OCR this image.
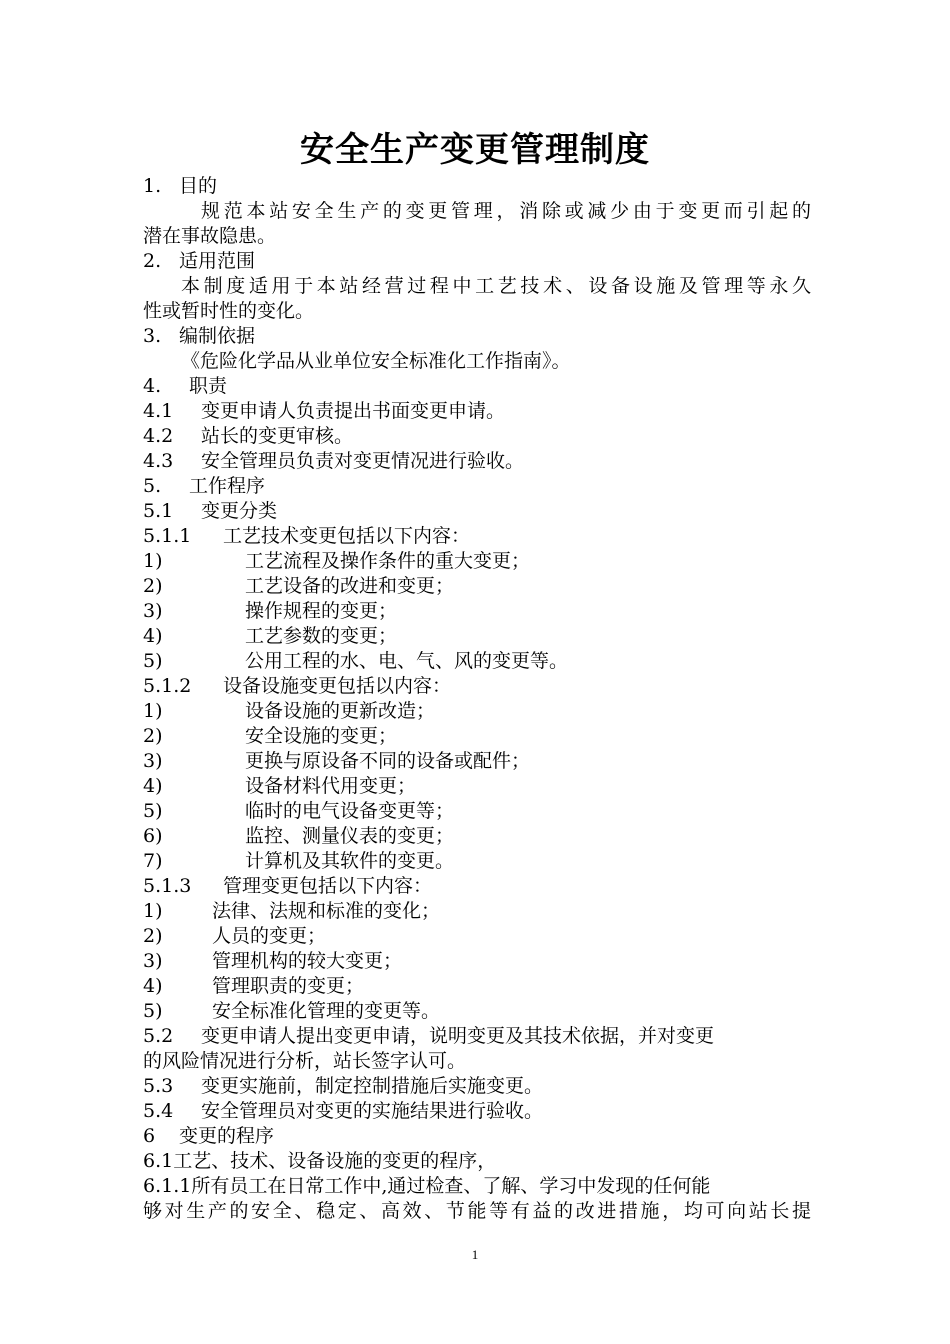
安全生产变更管理制度
1. 目的
规范本站安全生产的变更管理，消除或减少由于变更而引起的
潜在事故隐患。
2. 适用范围
本制度适用于本站经营过程中工艺技术、设备设施及管理等永久
性或暂时性的变化。
3. 编制依据
《危险化学品从业单位安全标准化工作指南》。
4. 职责
4.1 变更申请人负责提出书面变更申请。
4.2 站长的变更审核。
4.3 安全管理员负责对变更情况进行验收。
5. 工作程序
5.1 变更分类
5.1.1 工艺技术变更包括以下内容：
1)	工艺流程及操作条件的重大变更；
2)	工艺设备的改进和变更；
3)	操作规程的变更；
4)	工艺参数的变更；
5)	公用工程的水、电、气、风的变更等。
5.1.2 设备设施变更包括以内容：
1)	设备设施的更新改造；
2)	安全设施的变更；
3)	更换与原设备不同的设备或配件；
4)	设备材料代用变更；
5)	临时的电气设备变更等；
6)	监控、测量仪表的变更；
7)	计算机及其软件的变更。
5.1.3 管理变更包括以下内容：
1)	法律、法规和标准的变化；
2)	人员的变更；
3)	管理机构的较大变更；
4)	管理职责的变更；
5)	安全标准化管理的变更等。
5.2 变更申请人提出变更申请，说明变更及其技术依据，并对变更
的风险情况进行分析，站长签字认可。
5.3 变更实施前，制定控制措施后实施变更。
5.4 安全管理员对变更的实施结果进行验收。
6 变更的程序
6.1工艺、技术、设备设施的变更的程序，
6.1.1所有员工在日常工作中,通过检查、了解、学习中发现的任何能
够对生产的安全、稳定、高效、节能等有益的改进措施，均可向站长提
1
